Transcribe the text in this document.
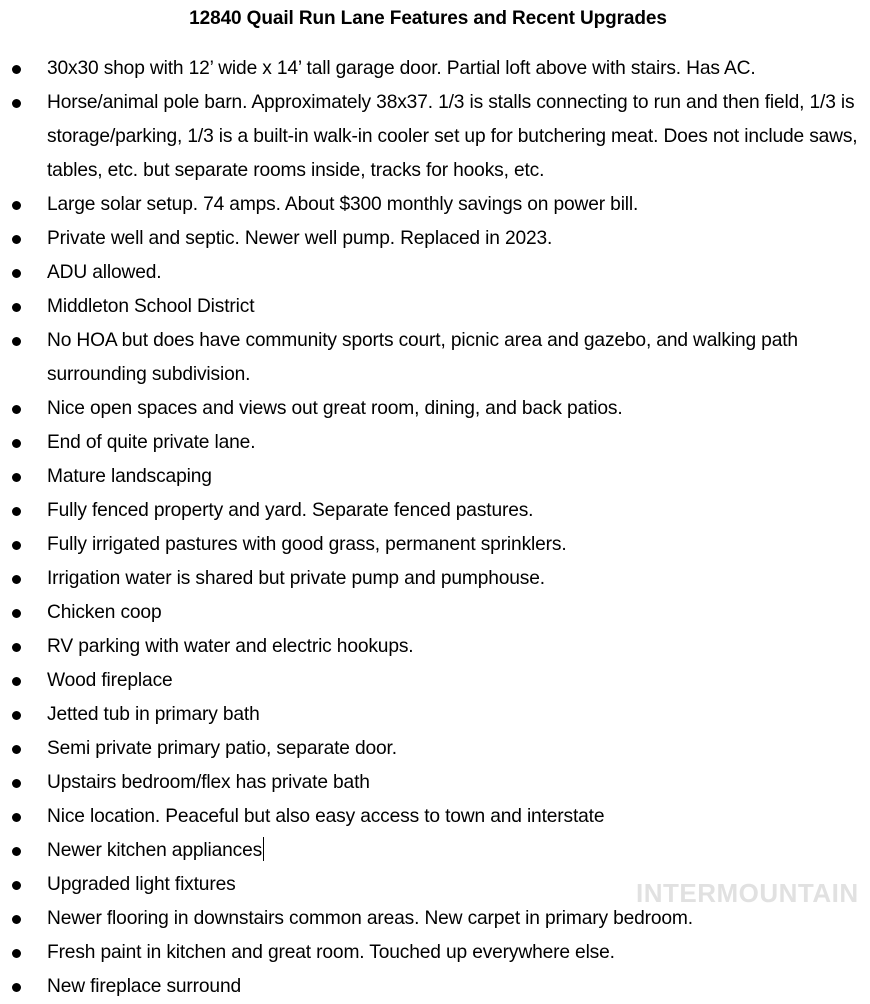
12840 Quail Run Lane Features and Recent Upgrades
30x30 shop with 12’ wide x 14’ tall garage door. Partial loft above with stairs. Has AC.
Horse/animal pole barn. Approximately 38x37. 1/3 is stalls connecting to run and then field, 1/3 is storage/parking, 1/3 is a built-in walk-in cooler set up for butchering meat. Does not include saws, tables, etc. but separate rooms inside, tracks for hooks, etc.
Large solar setup. 74 amps. About $300 monthly savings on power bill.
Private well and septic. Newer well pump. Replaced in 2023.
ADU allowed.
Middleton School District
No HOA but does have community sports court, picnic area and gazebo, and walking path surrounding subdivision.
Nice open spaces and views out great room, dining, and back patios.
End of quite private lane.
Mature landscaping
Fully fenced property and yard. Separate fenced pastures.
Fully irrigated pastures with good grass, permanent sprinklers.
Irrigation water is shared but private pump and pumphouse.
Chicken coop
RV parking with water and electric hookups.
Wood fireplace
Jetted tub in primary bath
Semi private primary patio, separate door.
Upstairs bedroom/flex has private bath
Nice location. Peaceful but also easy access to town and interstate
Newer kitchen appliances
Upgraded light fixtures
Newer flooring in downstairs common areas. New carpet in primary bedroom.
Fresh paint in kitchen and great room. Touched up everywhere else.
New fireplace surround
INTERMOUNTAIN
